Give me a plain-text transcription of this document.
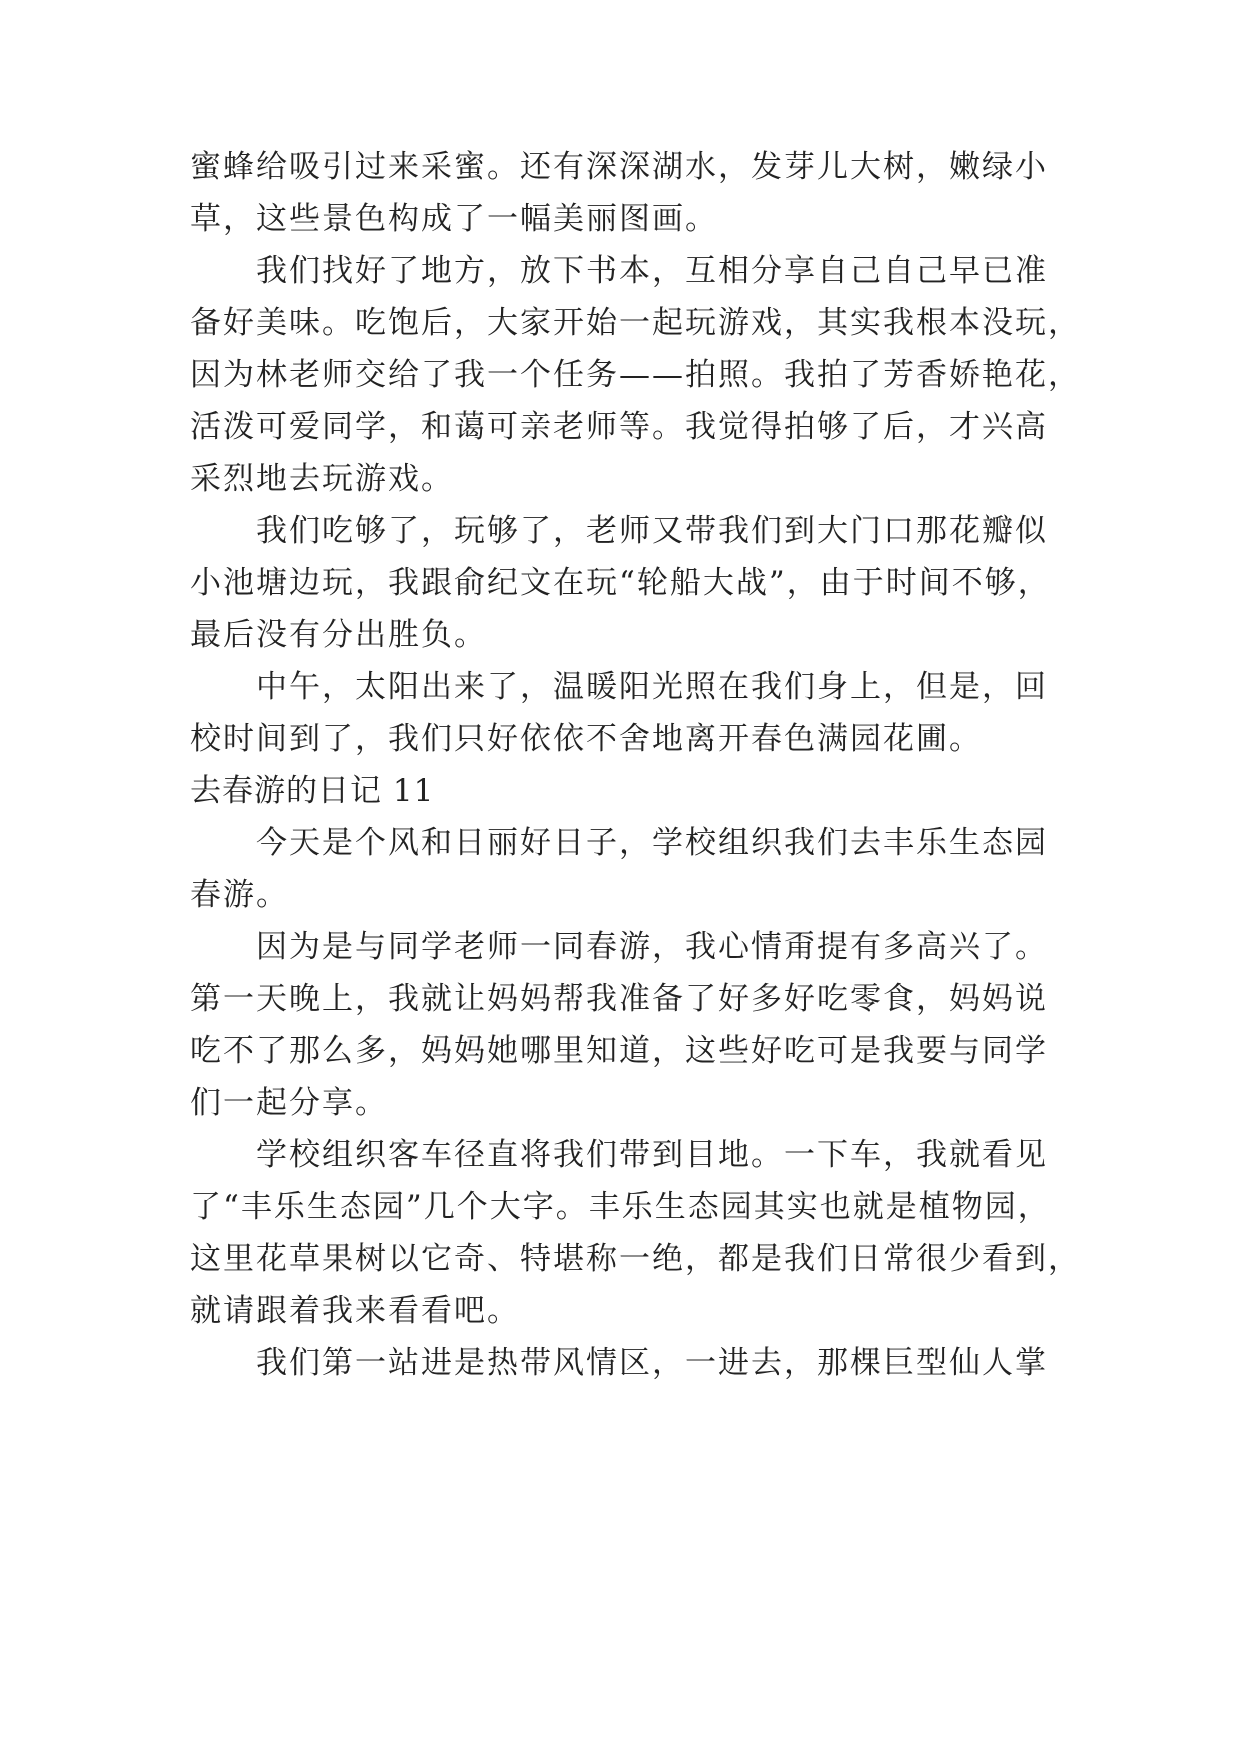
蜜蜂给吸引过来采蜜。还有深深湖水，发芽儿大树，嫩绿小
草，这些景色构成了一幅美丽图画。
我们找好了地方，放下书本，互相分享自己自己早已准
备好美味。吃饱后，大家开始一起玩游戏，其实我根本没玩，
因为林老师交给了我一个任务——拍照。我拍了芳香娇艳花，
活泼可爱同学，和蔼可亲老师等。我觉得拍够了后，才兴高
采烈地去玩游戏。
我们吃够了，玩够了，老师又带我们到大门口那花瓣似
小池塘边玩，我跟俞纪文在玩“轮船大战”，由于时间不够，
最后没有分出胜负。
中午，太阳出来了，温暖阳光照在我们身上，但是，回
校时间到了，我们只好依依不舍地离开春色满园花圃。
去春游的日记 11
今天是个风和日丽好日子，学校组织我们去丰乐生态园
春游。
因为是与同学老师一同春游，我心情甭提有多高兴了。
第一天晚上，我就让妈妈帮我准备了好多好吃零食，妈妈说
吃不了那么多，妈妈她哪里知道，这些好吃可是我要与同学
们一起分享。
学校组织客车径直将我们带到目地。一下车，我就看见
了“丰乐生态园”几个大字。丰乐生态园其实也就是植物园，
这里花草果树以它奇、特堪称一绝，都是我们日常很少看到，
就请跟着我来看看吧。
我们第一站进是热带风情区，一进去，那棵巨型仙人掌
